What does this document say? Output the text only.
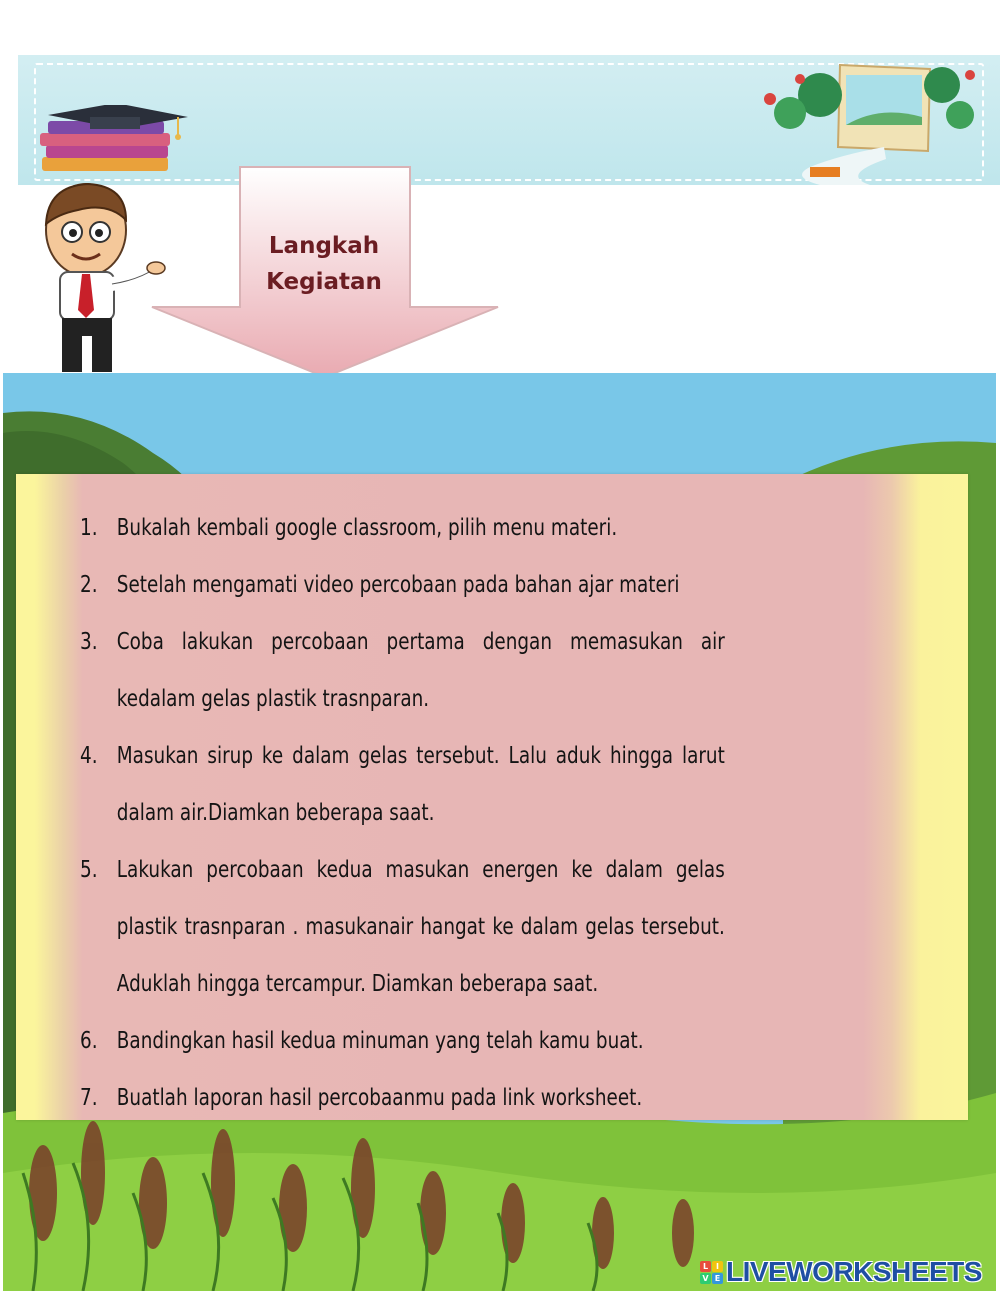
Langkah
Kegiatan
1. Bukalah kembali google classroom, pilih menu materi.
2. Setelah mengamati video percobaan pada bahan ajar materi
3. Coba lakukan percobaan pertama dengan memasukan air kedalam gelas plastik trasnparan.
4. Masukan sirup ke dalam gelas tersebut. Lalu aduk hingga larut dalam air.Diamkan beberapa saat.
5. Lakukan percobaan kedua masukan energen ke dalam gelas plastik trasnparan . masukanair hangat ke dalam gelas tersebut. Aduklah hingga tercampur. Diamkan beberapa saat.
6. Bandingkan hasil kedua minuman yang telah kamu buat.
7. Buatlah laporan hasil percobaanmu pada link worksheet.
L I
V E LIVEWORKSHEETS
